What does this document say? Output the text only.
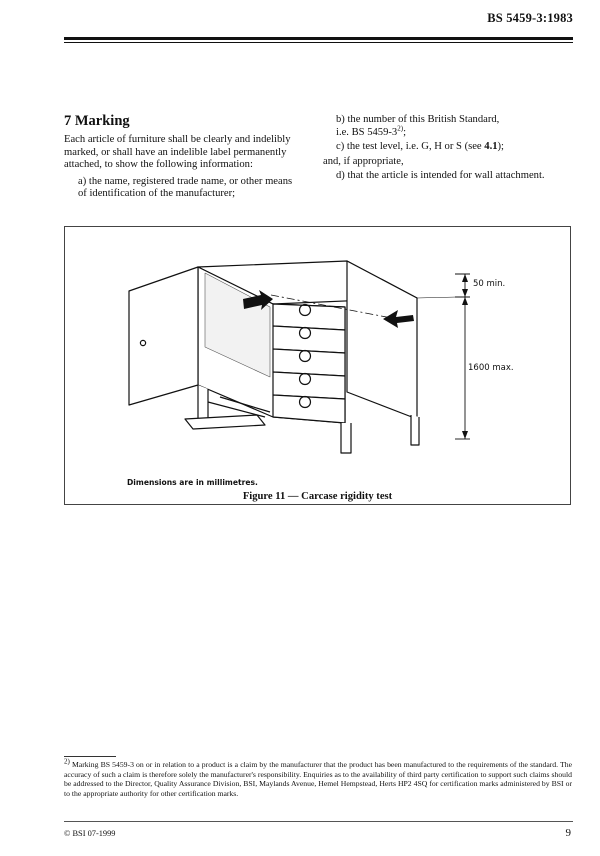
BS 5459-3:1983
7 Marking

Each article of furniture shall be clearly and indelibly marked, or shall have an indelible label permanently attached, to show the following information:

a) the name, registered trade name, or other means of identification of the manufacturer;

b) the number of this British Standard,
i.e. BS 5459-3$^{2)}$;

c) the test level, i.e. G, H or S (see 4.1);

and, if appropriate,

d) that the article is intended for wall attachment.

50 min.
1600 max.
Dimensions are in millimetres.
Figure 11 — Carcase rigidity test
$^{2)}$ Marking BS 5459-3 on or in relation to a product is a claim by the manufacturer that the product has been manufactured to the requirements of the standard. The accuracy of such a claim is therefore solely the manufacturer's responsibility. Enquiries as to the availability of third party certification to support such claims should be addressed to the Director, Quality Assurance Division, BSI, Maylands Avenue, Hemel Hempstead, Herts HP2 4SQ for certification marks administered by BSI or to the appropriate authority for other certification marks.
© BSI 07-1999	9
